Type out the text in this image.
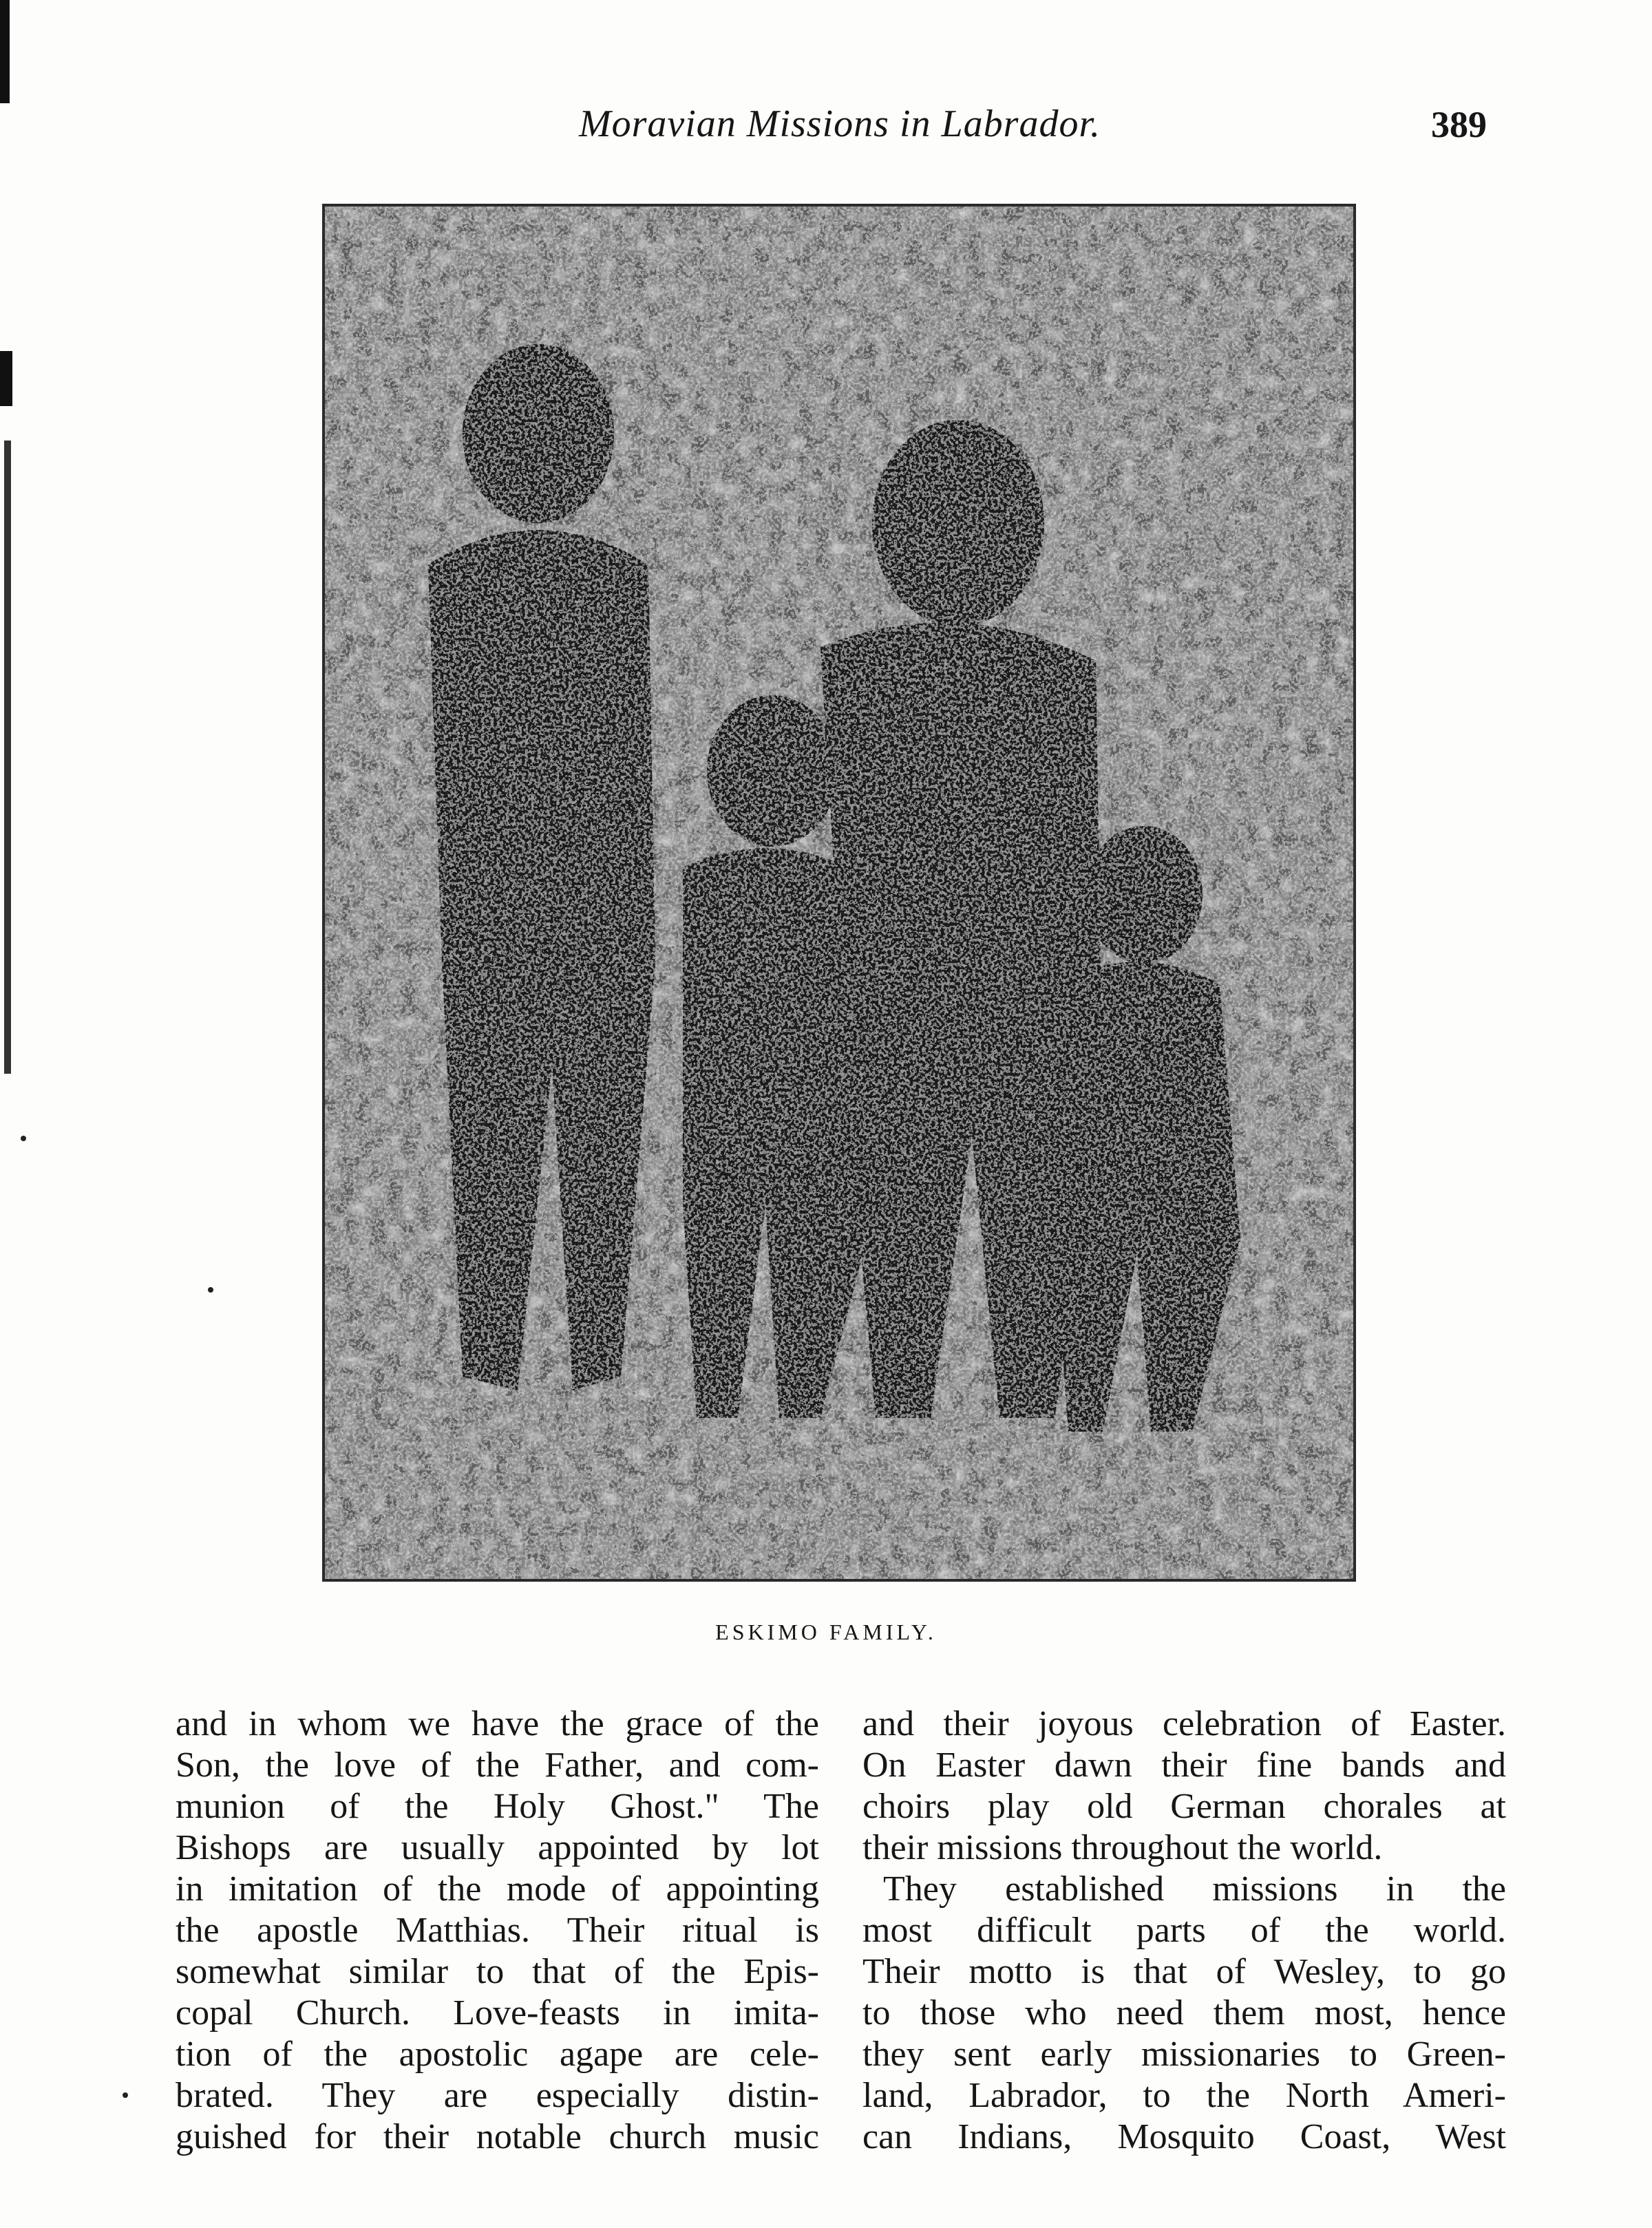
Moravian Missions in Labrador.	389
ESKIMO FAMILY.
and in whom we have the grace of the
Son, the love of the Father, and com-
munion of the Holy Ghost." The
Bishops are usually appointed by lot
in imitation of the mode of appointing
the apostle Matthias. Their ritual is
somewhat similar to that of the Epis-
copal Church. Love-feasts in imita-
tion of the apostolic agape are cele-
brated. They are especially distin-
guished for their notable church music
and their joyous celebration of Easter.
On Easter dawn their fine bands and
choirs play old German chorales at
their missions throughout the world.
They established missions in the
most difficult parts of the world.
Their motto is that of Wesley, to go
to those who need them most, hence
they sent early missionaries to Green-
land, Labrador, to the North Ameri-
can Indians, Mosquito Coast, West
